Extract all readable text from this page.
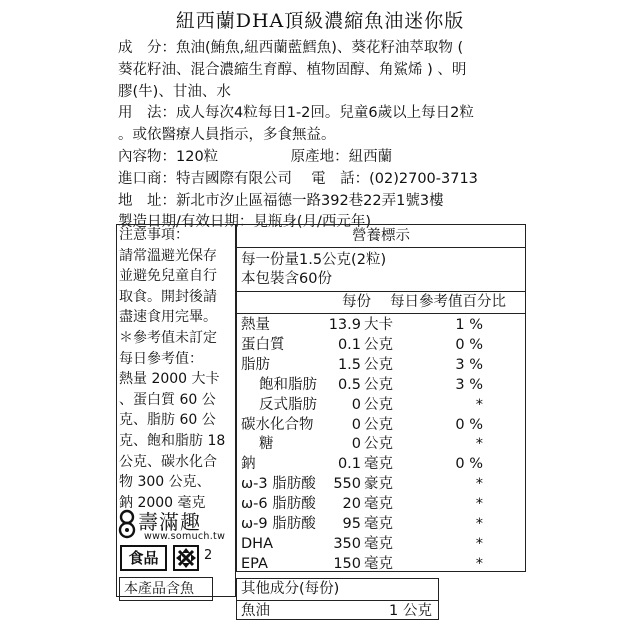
紐西蘭DHA頂級濃縮魚油迷你版
成　分：魚油(鮪魚,紐西蘭藍鱈魚)、葵花籽油萃取物 (
葵花籽油、混合濃縮生育醇、植物固醇、角鯊烯 ) 、明
膠(牛)、甘油、水
用　法：成人每次4粒每日1-2回。兒童6歲以上每日2粒
。或依醫療人員指示，多食無益。
內容物：120粒　　　　　原產地：紐西蘭
進口商：特吉國際有限公司　 電　話：(02)2700-3713
地　址：新北市汐止區福德一路392巷22弄1號3樓
製造日期/有效日期：見瓶身(月/西元年)
注意事項：
請常溫避光保存
並避免兒童自行
取食。開封後請
盡速食用完畢。
＊參考值未訂定
每日參考值：
熱量 2000 大卡
、蛋白質 60 公
克、脂肪 60 公
克、飽和脂肪 18
公克、碳水化合
物 300 公克、
鈉 2000 毫克
壽滿趣
www.somuch.tw
食品	2
本產品含魚
營養標示
每一份量1.5公克(2粒)
本包裝含60份
每份 每日參考值百分比
熱量	13.9 大卡	1 %
蛋白質	0.1 公克	0 %
脂肪	1.5 公克	3 %
飽和脂肪	0.5 公克	3 %
反式脂肪	0 公克	*
碳水化合物	0 公克	0 %
糖	0 公克	*
鈉	0.1 毫克	0 %
ω-3 脂肪酸	550 豪克	*
ω-6 脂肪酸	20 毫克	*
ω-9 脂肪酸	95 毫克	*
DHA	350 毫克	*
EPA	150 毫克	*
其他成分(每份)
魚油	1 公克
